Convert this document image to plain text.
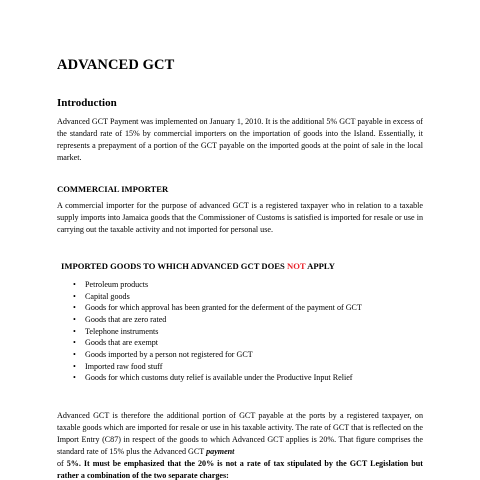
ADVANCED GCT
Introduction
Advanced GCT Payment was implemented on January 1, 2010. It is the additional 5% GCT payable in excess of the standard rate of 15% by commercial importers on the importation of goods into the Island. Essentially, it represents a prepayment of a portion of the GCT payable on the imported goods at the point of sale in the local market.
COMMERCIAL IMPORTER
A commercial importer for the purpose of advanced GCT is a registered taxpayer who in relation to a taxable supply imports into Jamaica goods that the Commissioner of Customs is satisfied is imported for resale or use in carrying out the taxable activity and not imported for personal use.
IMPORTED GOODS TO WHICH ADVANCED GCT DOES NOT APPLY
• Petroleum products
• Capital goods
• Goods for which approval has been granted for the deferment of the payment of GCT
• Goods that are zero rated
• Telephone instruments
• Goods that are exempt
• Goods imported by a person not registered for GCT
• Imported raw food stuff
• Goods for which customs duty relief is available under the Productive Input Relief
Advanced GCT is therefore the additional portion of GCT payable at the ports by a registered taxpayer, on taxable goods which are imported for resale or use in his taxable activity. The rate of GCT that is reflected on the Import Entry (C87) in respect of the goods to which Advanced GCT applies is 20%. That figure comprises the standard rate of 15% plus the Advanced GCT payment
of 5%. It must be emphasized that the 20% is not a rate of tax stipulated by the GCT Legislation but rather a combination of the two separate charges:
